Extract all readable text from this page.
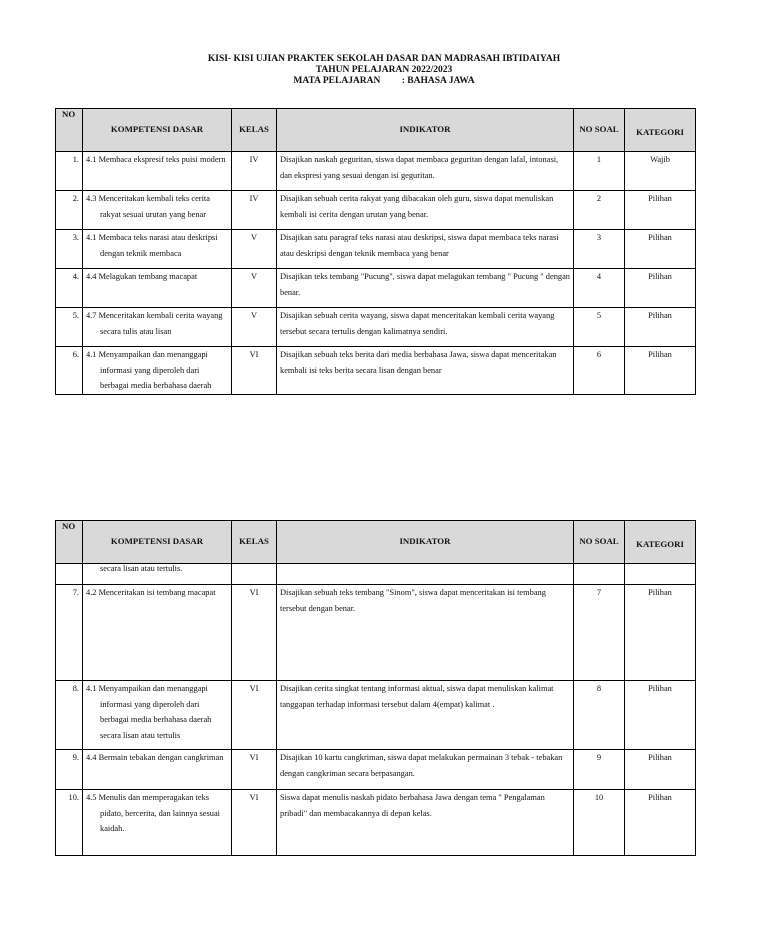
KISI- KISI UJIAN PRAKTEK SEKOLAH DASAR DAN MADRASAH IBTIDAIYAH
TAHUN PELAJARAN 2022/2023
MATA PELAJARAN         : BAHASA JAWA
NO	KOMPETENSI DASAR	KELAS	INDIKATOR	NO SOAL	KATEGORI
1.	4.1 Membaca ekspresif teks puisi modern	IV	Disajikan naskah geguritan, siswa dapat membaca geguritan dengan lafal, intonasi, dan ekspresi yang sesuai dengan isi geguritan.	1	Wajib
2.	4.3 Menceritakan kembali teks cerita rakyat sesuai urutan yang benar	IV	Disajikan sebuah cerita rakyat yang dibacakan oleh guru, siswa dapat menuliskan kembali isi cerita dengan urutan yang benar.	2	Pilihan
3.	4.1 Membaca teks narasi atau deskripsi dengan teknik membaca	V	Disajikan satu paragraf teks narasi atau deskripsi, siswa dapat membaca teks narasi atau deskripsi dengan teknik membaca yang benar	3	Pilihan
4.	4.4 Melagukan tembang macapat	V	Disajikan teks tembang "Pucung", siswa dapat melagukan tembang " Pucung " dengan benar.	4	Pilihan
5.	4.7 Menceritakan kembali cerita wayang secara tulis atau lisan	V	Disajikan sebuah cerita wayang, siswa dapat menceritakan kembali cerita wayang tersebut secara tertulis dengan kalimatnya sendiri.	5	Pilihan
6.	4.1 Menyampaikan dan menanggapi informasi yang diperoleh dari berbagai media berbahasa daerah	VI	Disajikan sebuah teks berita dari media berbahasa Jawa, siswa dapat menceritakan kembali isi teks berita secara lisan dengan benar	6	Pilihan
NO	KOMPETENSI DASAR	KELAS	INDIKATOR	NO SOAL	KATEGORI
	secara lisan atau tertulis.				
7.	4.2 Menceritakan isi tembang macapat	VI	Disajikan sebuah teks tembang "Sinom", siswa dapat menceritakan isi tembang tersebut dengan benar.	7	Pilihan
8.	4.1 Menyampaikan dan menanggapi informasi yang diperoleh dari berbagai media berbahasa daerah secara lisan atau tertulis	VI	Disajikan cerita singkat tentang informasi aktual, siswa dapat menuliskan kalimat tanggapan terhadap informasi tersebut dalam 4(empat) kalimat .	8	Pilihan
9.	4.4 Bermain tebakan dengan cangkriman	VI	Disajikan 10 kartu cangkriman, siswa dapat melakukan permainan 3 tebak - tebakan dengan cangkriman secara berpasangan.	9	Pilihan
10.	4.5 Menulis dan memperagakan teks pidato, bercerita, dan lainnya sesuai kaidah.	VI	Siswa dapat menulis naskah pidato berbahasa Jawa dengan tema " Pengalaman pribadi" dan membacakannya di depan kelas.	10	Pilihan
